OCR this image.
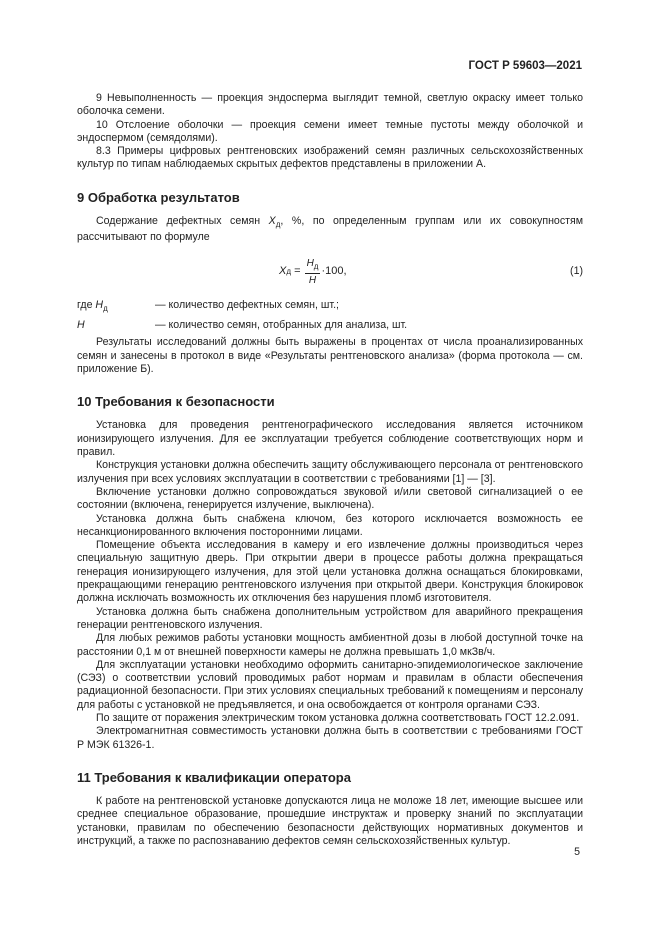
ГОСТ Р 59603—2021

9 Невыполненность — проекция эндосперма выглядит темной, светлую окраску имеет только оболочка семени.

10 Отслоение оболочки — проекция семени имеет темные пустоты между оболочкой и эндоспермом (семядолями).

8.3 Примеры цифровых рентгеновских изображений семян различных сельскохозяйственных культур по типам наблюдаемых скрытых дефектов представлены в приложении А.

9 Обработка результатов

Содержание дефектных семян $X_д$, %, по определенным группам или их совокупностям рассчитывают по формуле

X $д = \frac{H_д}{H} \cdot 100$,	(1)
где $H_д$	— количество дефектных семян, шт.;
H	— количество семян, отобранных для анализа, шт.

Результаты исследований должны быть выражены в процентах от числа проанализированных семян и занесены в протокол в виде «Результаты рентгеновского анализа» (форма протокола — см. приложение Б).

10 Требования к безопасности

Установка для проведения рентгенографического исследования является источником ионизирующего излучения. Для ее эксплуатации требуется соблюдение соответствующих норм и правил.

Конструкция установки должна обеспечить защиту обслуживающего персонала от рентгеновского излучения при всех условиях эксплуатации в соответствии с требованиями [1] — [3].

Включение установки должно сопровождаться звуковой и/или световой сигнализацией о ее состоянии (включена, генерируется излучение, выключена).

Установка должна быть снабжена ключом, без которого исключается возможность ее несанкционированного включения посторонними лицами.

Помещение объекта исследования в камеру и его извлечение должны производиться через специальную защитную дверь. При открытии двери в процессе работы должна прекращаться генерация ионизирующего излучения, для этой цели установка должна оснащаться блокировками, прекращающими генерацию рентгеновского излучения при открытой двери. Конструкция блокировок должна исключать возможность их отключения без нарушения пломб изготовителя.

Установка должна быть снабжена дополнительным устройством для аварийного прекращения генерации рентгеновского излучения.

Для любых режимов работы установки мощность амбиентной дозы в любой доступной точке на расстоянии 0,1 м от внешней поверхности камеры не должна превышать 1,0 мкЗв/ч.

Для эксплуатации установки необходимо оформить санитарно-эпидемиологическое заключение (СЭЗ) о соответствии условий проводимых работ нормам и правилам в области обеспечения радиационной безопасности. При этих условиях специальных требований к помещениям и персоналу для работы с установкой не предъявляется, и она освобождается от контроля органами СЭЗ.

По защите от поражения электрическим током установка должна соответствовать ГОСТ 12.2.091.

Электромагнитная совместимость установки должна быть в соответствии с требованиями ГОСТ Р МЭК 61326-1.

11 Требования к квалификации оператора

К работе на рентгеновской установке допускаются лица не моложе 18 лет, имеющие высшее или среднее специальное образование, прошедшие инструктаж и проверку знаний по эксплуатации установки, правилам по обеспечению безопасности действующих нормативных документов и инструкций, а также по распознаванию дефектов семян сельскохозяйственных культур.

5
